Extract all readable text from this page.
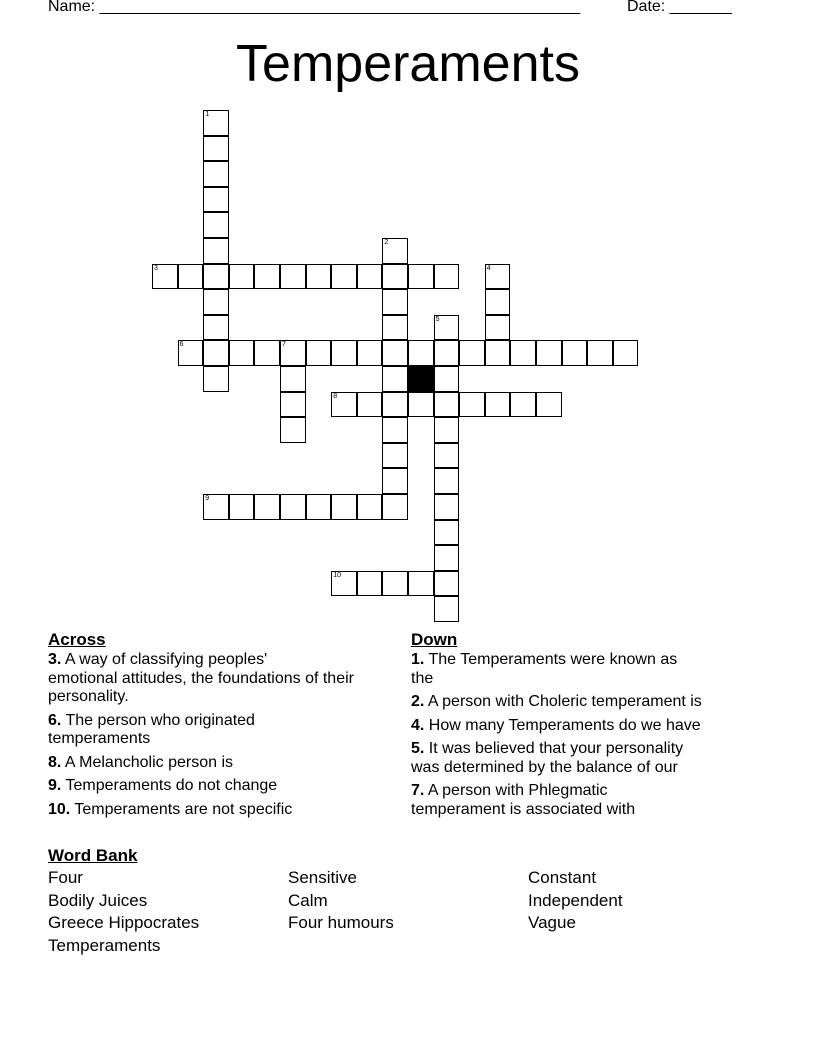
Name: ______________________________________________________	Date: _______
Temperaments
1
2
3	4
5
6	7
8
9
10
Across
3. A way of classifying peoples'
emotional attitudes, the foundations of their
personality.
6. The person who originated
temperaments
8. A Melancholic person is
9. Temperaments do not change
10. Temperaments are not specific
Down
1. The Temperaments were known as
the
2. A person with Choleric temperament is
4. How many Temperaments do we have
5. It was believed that your personality
was determined by the balance of our
7. A person with Phlegmatic
temperament is associated with
Word Bank
Four
Bodily Juices
Greece Hippocrates
Temperaments
Sensitive
Calm
Four humours
Constant
Independent
Vague
